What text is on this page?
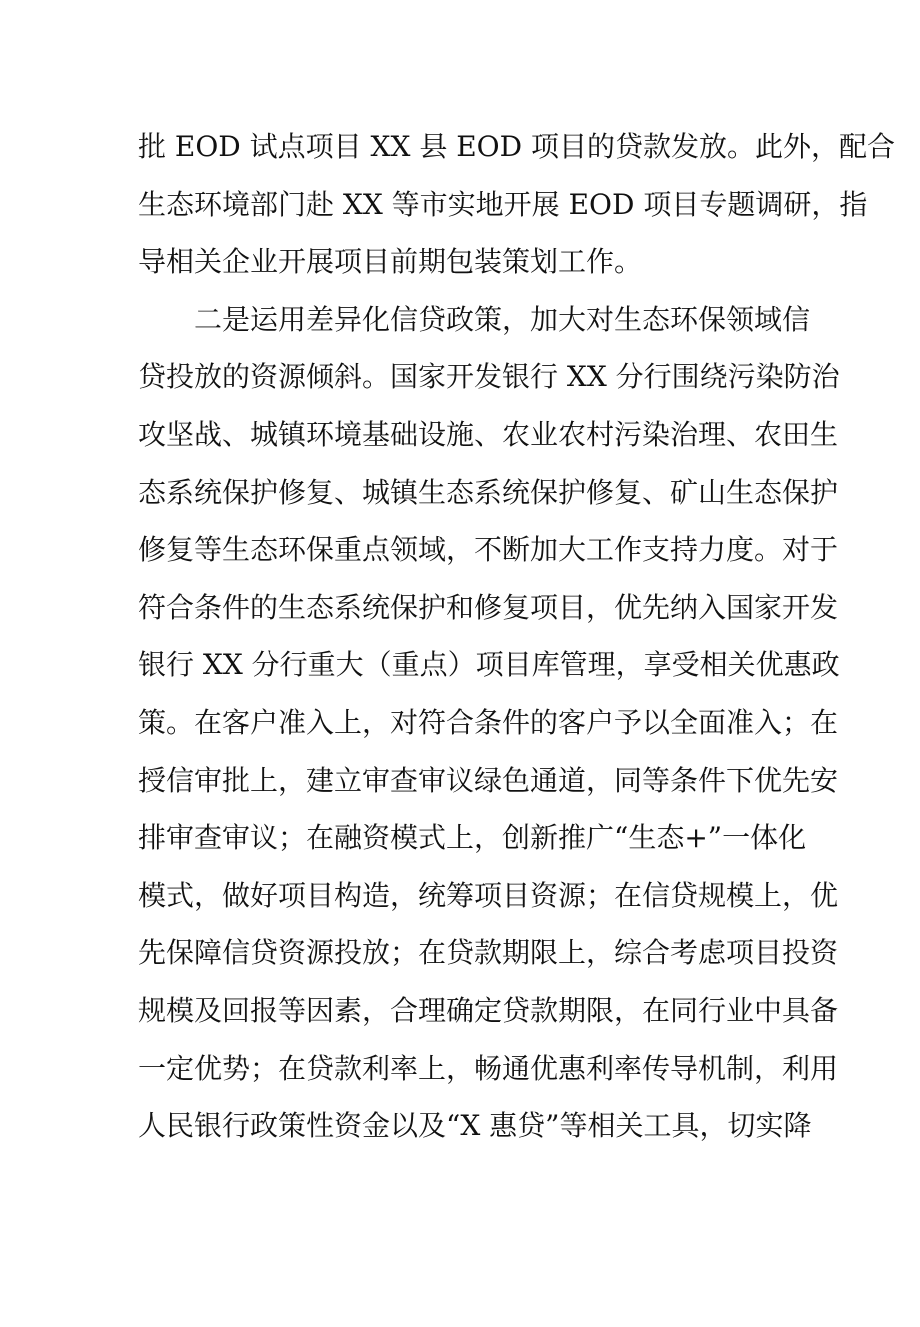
批 EOD 试点项目 XX 县 EOD 项目的贷款发放。此外，配合
生态环境部门赴 XX 等市实地开展 EOD 项目专题调研，指
导相关企业开展项目前期包装策划工作。
二是运用差异化信贷政策，加大对生态环保领域信
贷投放的资源倾斜。国家开发银行 XX 分行围绕污染防治
攻坚战、城镇环境基础设施、农业农村污染治理、农田生
态系统保护修复、城镇生态系统保护修复、矿山生态保护
修复等生态环保重点领域，不断加大工作支持力度。对于
符合条件的生态系统保护和修复项目，优先纳入国家开发
银行 XX 分行重大（重点）项目库管理，享受相关优惠政
策。在客户准入上，对符合条件的客户予以全面准入；在
授信审批上，建立审查审议绿色通道，同等条件下优先安
排审查审议；在融资模式上，创新推广“生态+”一体化
模式，做好项目构造，统筹项目资源；在信贷规模上，优
先保障信贷资源投放；在贷款期限上，综合考虑项目投资
规模及回报等因素，合理确定贷款期限，在同行业中具备
一定优势；在贷款利率上，畅通优惠利率传导机制，利用
人民银行政策性资金以及“X 惠贷”等相关工具，切实降
